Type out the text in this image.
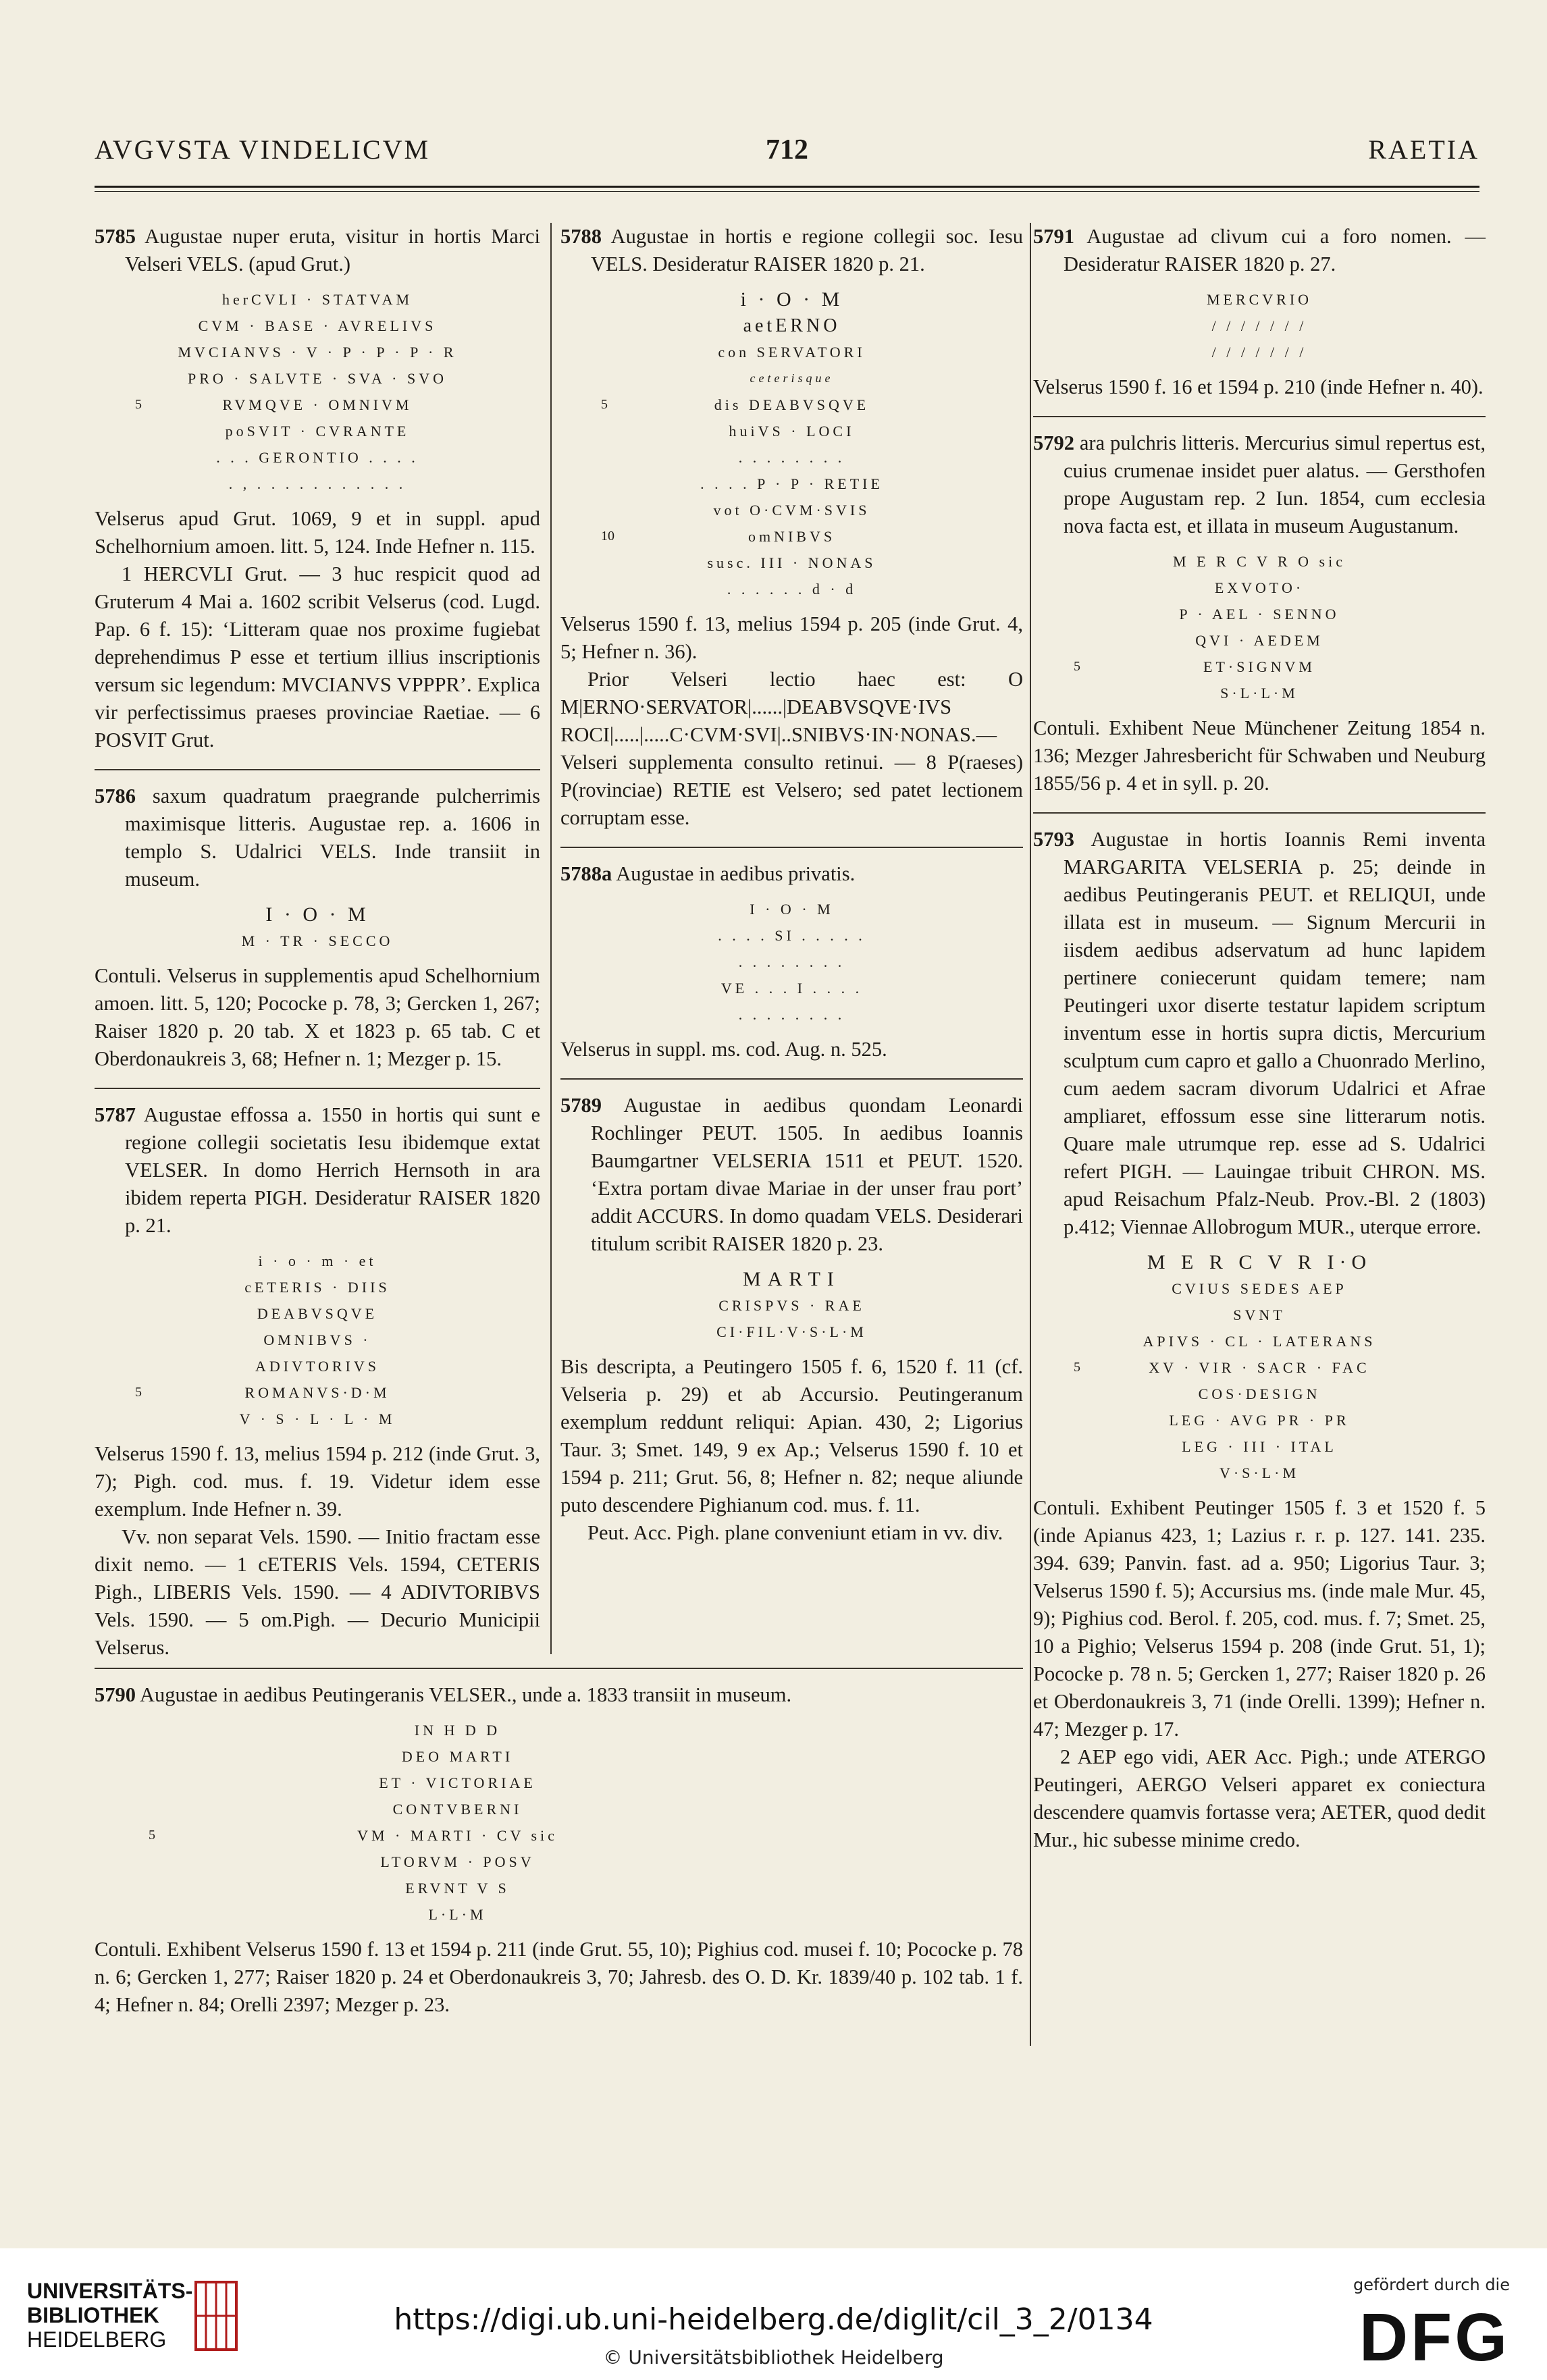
AVGVSTA VINDELICVM	712	RAETIA

5785 Augustae nuper eruta, visitur in hortis Marci Velseri VELS. (apud Grut.)

herCVLI · STATVAM
CVM · BASE · AVRELIVS
MVCIANVS · V · P · P · P · R
PRO · SALVTE · SVA · SVO
5	RVMQVE · OMNIVM
poSVIT · CVRANTE
. . . GERONTIO . . . .
. , . . . . . . . . . . .

Velserus apud Grut. 1069, 9 et in suppl. apud Schelhornium amoen. litt. 5, 124. Inde Hefner n. 115.

1 HERCVLI Grut. — 3 huc respicit quod ad Gruterum 4 Mai a. 1602 scribit Velserus (cod. Lugd. Pap. 6 f. 15): ‘Litteram quae nos proxime fugiebat deprehendimus P esse et tertium illius inscriptionis versum sic legendum: MVCIANVS VPPPR’. Explica vir perfectissimus praeses provinciae Raetiae. — 6 POSVIT Grut.

5786 saxum quadratum praegrande pulcherrimis maximisque litteris. Augustae rep. a. 1606 in templo S. Udalrici VELS. Inde transiit in museum.

I · O · M
M · TR · SECCO

Contuli. Velserus in supplementis apud Schelhornium amoen. litt. 5, 120; Pococke p. 78, 3; Gercken 1, 267; Raiser 1820 p. 20 tab. X et 1823 p. 65 tab. C et Oberdonaukreis 3, 68; Hefner n. 1; Mezger p. 15.

5787 Augustae effossa a. 1550 in hortis qui sunt e regione collegii societatis Iesu ibidemque extat VELSER. In domo Herrich Hernsoth in ara ibidem reperta PIGH. Desideratur RAISER 1820 p. 21.

i · o · m · et
cETERIS · DIIS
DEABVSQVE
OMNIBVS ·
ADIVTORIVS
5	ROMANVS·D·M
V · S · L · L · M

Velserus 1590 f. 13, melius 1594 p. 212 (inde Grut. 3, 7); Pigh. cod. mus. f. 19. Videtur idem esse exemplum. Inde Hefner n. 39.

Vv. non separat Vels. 1590. — Initio fractam esse dixit nemo. — 1 cETERIS Vels. 1594, CETERIS Pigh., LIBERIS Vels. 1590. — 4 ADIVTORIBVS Vels. 1590. — 5 om.Pigh. — Decurio Municipii Velserus.

5788 Augustae in hortis e regione collegii soc. Iesu VELS. Desideratur RAISER 1820 p. 21.

i · O · M
aetERNO
con SERVATORI
ceterisque
5	dis DEABVSQVE
huiVS · LOCI
. . . . . . . .
. . . . P · P · RETIE
vot O·CVM·SVIS
10	omNIBVS
susc. III · NONAS
. . . . . . d · d

Velserus 1590 f. 13, melius 1594 p. 205 (inde Grut. 4, 5; Hefner n. 36).

Prior Velseri lectio haec est: O M|ERNO·SERVATOR|......|DEABVSQVE·IVS ROCI|.....|.....C·CVM·SVI|..SNIBVS·IN·NONAS.— Velseri supplementa consulto retinui. — 8 P(raeses) P(rovinciae) RETIE est Velsero; sed patet lectionem corruptam esse.

5788a Augustae in aedibus privatis.

I · O · M
. . . . SI . . . . .
. . . . . . . .
VE . . . I . . . .
. . . . . . . .

Velserus in suppl. ms. cod. Aug. n. 525.

5789 Augustae in aedibus quondam Leonardi Rochlinger PEUT. 1505. In aedibus Ioannis Baumgartner VELSERIA 1511 et PEUT. 1520. ‘Extra portam divae Mariae in der unser frau port’ addit ACCURS. In domo quadam VELS. Desiderari titulum scribit RAISER 1820 p. 23.

MARTI
CRISPVS · RAE
CI·FIL·V·S·L·M

Bis descripta, a Peutingero 1505 f. 6, 1520 f. 11 (cf. Velseria p. 29) et ab Accursio. Peutingeranum exemplum reddunt reliqui: Apian. 430, 2; Ligorius Taur. 3; Smet. 149, 9 ex Ap.; Velserus 1590 f. 10 et 1594 p. 211; Grut. 56, 8; Hefner n. 82; neque aliunde puto descendere Pighianum cod. mus. f. 11.

Peut. Acc. Pigh. plane conveniunt etiam in vv. div.

5791 Augustae ad clivum cui a foro nomen. — Desideratur RAISER 1820 p. 27.

MERCVRIO
/ / / / / / /
/ / / / / / /

Velserus 1590 f. 16 et 1594 p. 210 (inde Hefner n. 40).

5792 ara pulchris litteris. Mercurius simul repertus est, cuius crumenae insidet puer alatus. — Gersthofen prope Augustam rep. 2 Iun. 1854, cum ecclesia nova facta est, et illata in museum Augustanum.

M E R C V R O sic
EXVOTO·
P · AEL · SENNO
QVI · AEDEM
5	ET·SIGNVM
S·L·L·M

Contuli. Exhibent Neue Münchener Zeitung 1854 n. 136; Mezger Jahresbericht für Schwaben und Neuburg 1855/56 p. 4 et in syll. p. 20.

5793 Augustae in hortis Ioannis Remi inventa MARGARITA VELSERIA p. 25; deinde in aedibus Peutingeranis PEUT. et RELIQUI, unde illata est in museum. — Signum Mercurii in iisdem aedibus adservatum ad hunc lapidem pertinere coniecerunt quidam temere; nam Peutingeri uxor diserte testatur lapidem scriptum inventum esse in hortis supra dictis, Mercurium sculptum cum capro et gallo a Chuonrado Merlino, cum aedem sacram divorum Udalrici et Afrae ampliaret, effossum esse sine litterarum notis. Quare male utrumque rep. esse ad S. Udalrici refert PIGH. — Lauingae tribuit CHRON. MS. apud Reisachum Pfalz-Neub. Prov.-Bl. 2 (1803) p.412; Viennae Allobrogum MUR., uterque errore.

M E R C V R I·O
CVIUS SEDES AEP
SVNT
APIVS · CL · LATERANS
5	XV · VIR · SACR · FAC
COS·DESIGN
LEG · AVG PR · PR
LEG · III · ITAL
V·S·L·M

Contuli. Exhibent Peutinger 1505 f. 3 et 1520 f. 5 (inde Apianus 423, 1; Lazius r. r. p. 127. 141. 235. 394. 639; Panvin. fast. ad a. 950; Ligorius Taur. 3; Velserus 1590 f. 5); Accursius ms. (inde male Mur. 45, 9); Pighius cod. Berol. f. 205, cod. mus. f. 7; Smet. 25, 10 a Pighio; Velserus 1594 p. 208 (inde Grut. 51, 1); Pococke p. 78 n. 5; Gercken 1, 277; Raiser 1820 p. 26 et Oberdonaukreis 3, 71 (inde Orelli. 1399); Hefner n. 47; Mezger p. 17.

2 AEP ego vidi, AER Acc. Pigh.; unde ATERGO Peutingeri, AERGO Velseri apparet ex coniectura descendere quamvis fortasse vera; AETER, quod dedit Mur., hic subesse minime credo.

5790 Augustae in aedibus Peutingeranis VELSER., unde a. 1833 transiit in museum.

IN H D D
DEO MARTI
ET · VICTORIAE
CONTVBERNI
5	VM · MARTI · CV sic
LTORVM · POSV
ERVNT V S
L·L·M

Contuli. Exhibent Velserus 1590 f. 13 et 1594 p. 211 (inde Grut. 55, 10); Pighius cod. musei f. 10; Pococke p. 78 n. 6; Gercken 1, 277; Raiser 1820 p. 24 et Oberdonaukreis 3, 70; Jahresb. des O. D. Kr. 1839/40 p. 102 tab. 1 f. 4; Hefner n. 84; Orelli 2397; Mezger p. 23.

UNIVERSITÄTS-
BIBLIOTHEK
HEIDELBERG
https://digi.ub.uni-heidelberg.de/diglit/cil_3_2/0134
© Universitätsbibliothek Heidelberg
gefördert durch die
DFG
